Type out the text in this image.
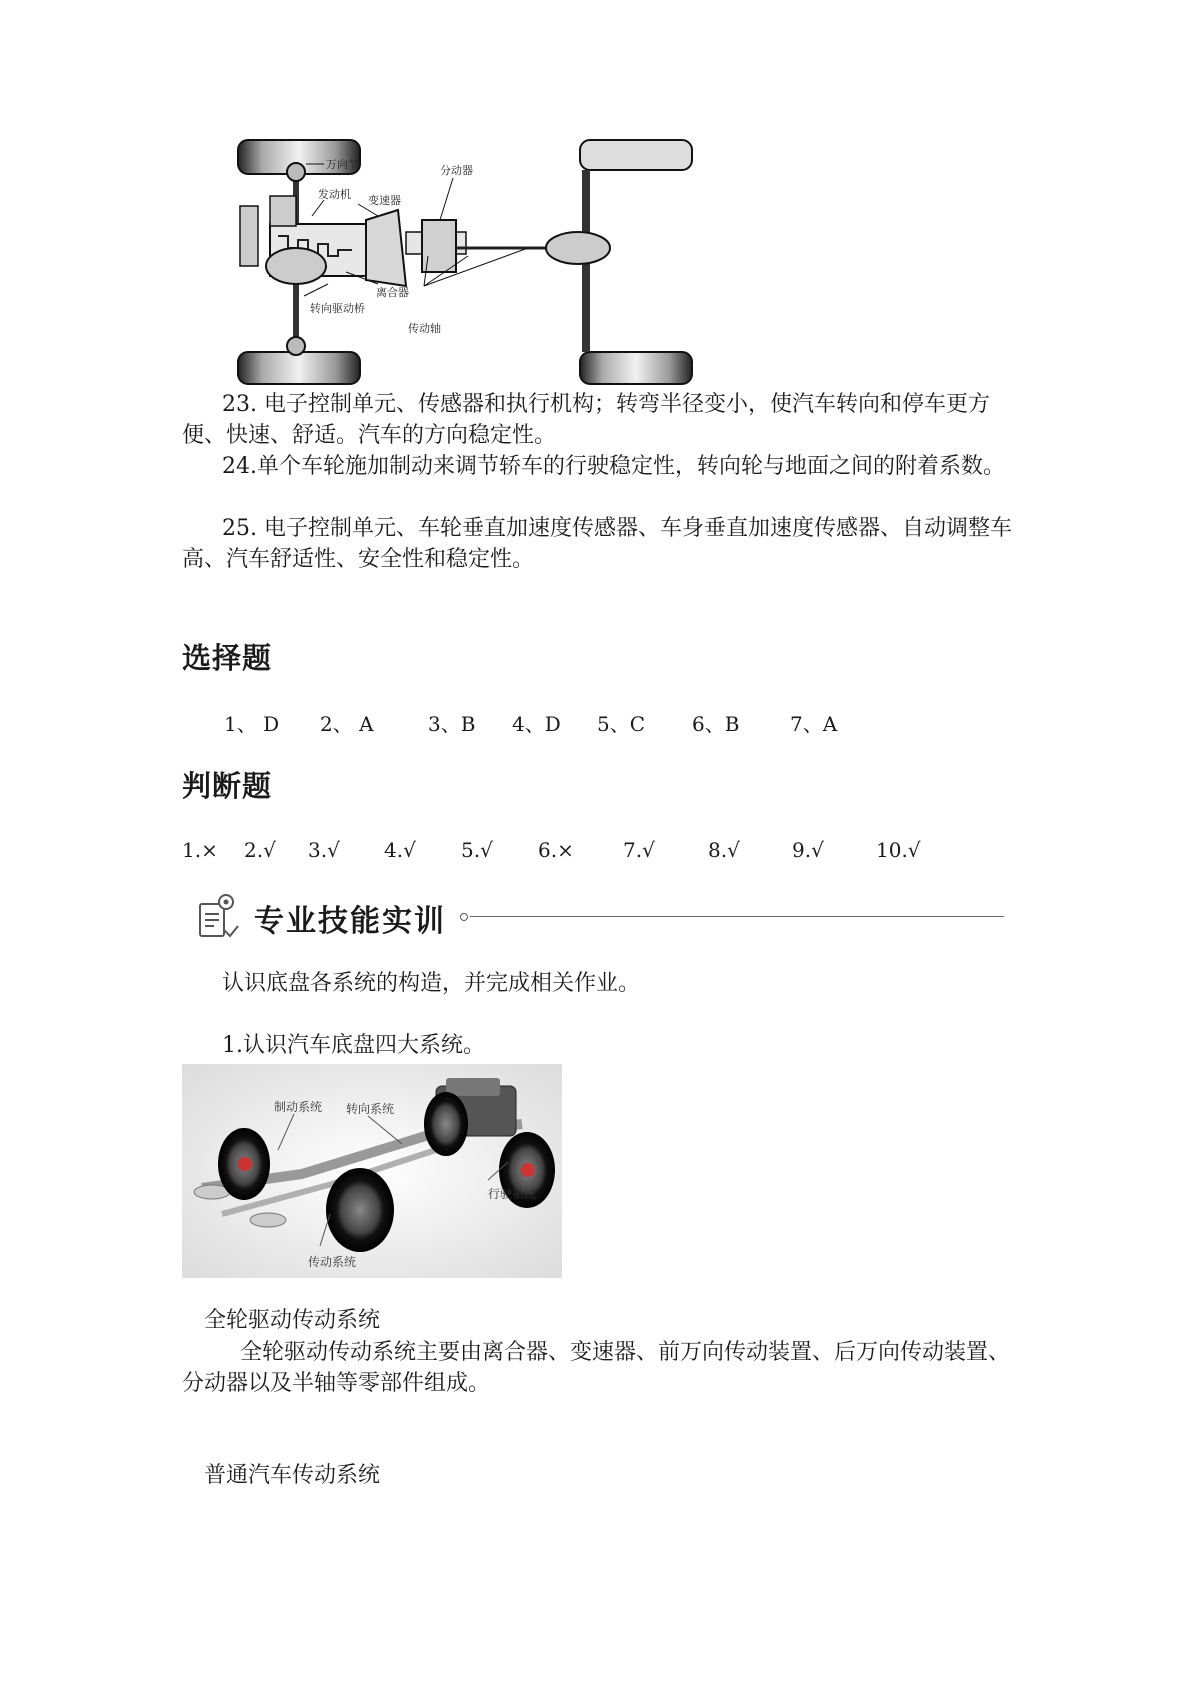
万向节
发动机 变速器
分动器
离合器
转向驱动桥
传动轴
23. 电子控制单元、传感器和执行机构；转弯半径变小，使汽车转向和停车更方便、快速、舒适。汽车的方向稳定性。
24.单个车轮施加制动来调节轿车的行驶稳定性，转向轮与地面之间的附着系数。
25. 电子控制单元、车轮垂直加速度传感器、车身垂直加速度传感器、自动调整车高、汽车舒适性、安全性和稳定性。
选择题
1、 D 2、 A	3、B 4、D 5、C 6、B	7、A
判断题
1.× 2.√ 3.√ 4.√ 5.√ 6.× 7.√	8.√	9.√	10.√
专业技能实训
认识底盘各系统的构造，并完成相关作业。
1.认识汽车底盘四大系统。
制动系统 转向系统
行驶系统
传动系统
全轮驱动传动系统
全轮驱动传动系统主要由离合器、变速器、前万向传动装置、后万向传动装置、分动器以及半轴等零部件组成。
普通汽车传动系统
